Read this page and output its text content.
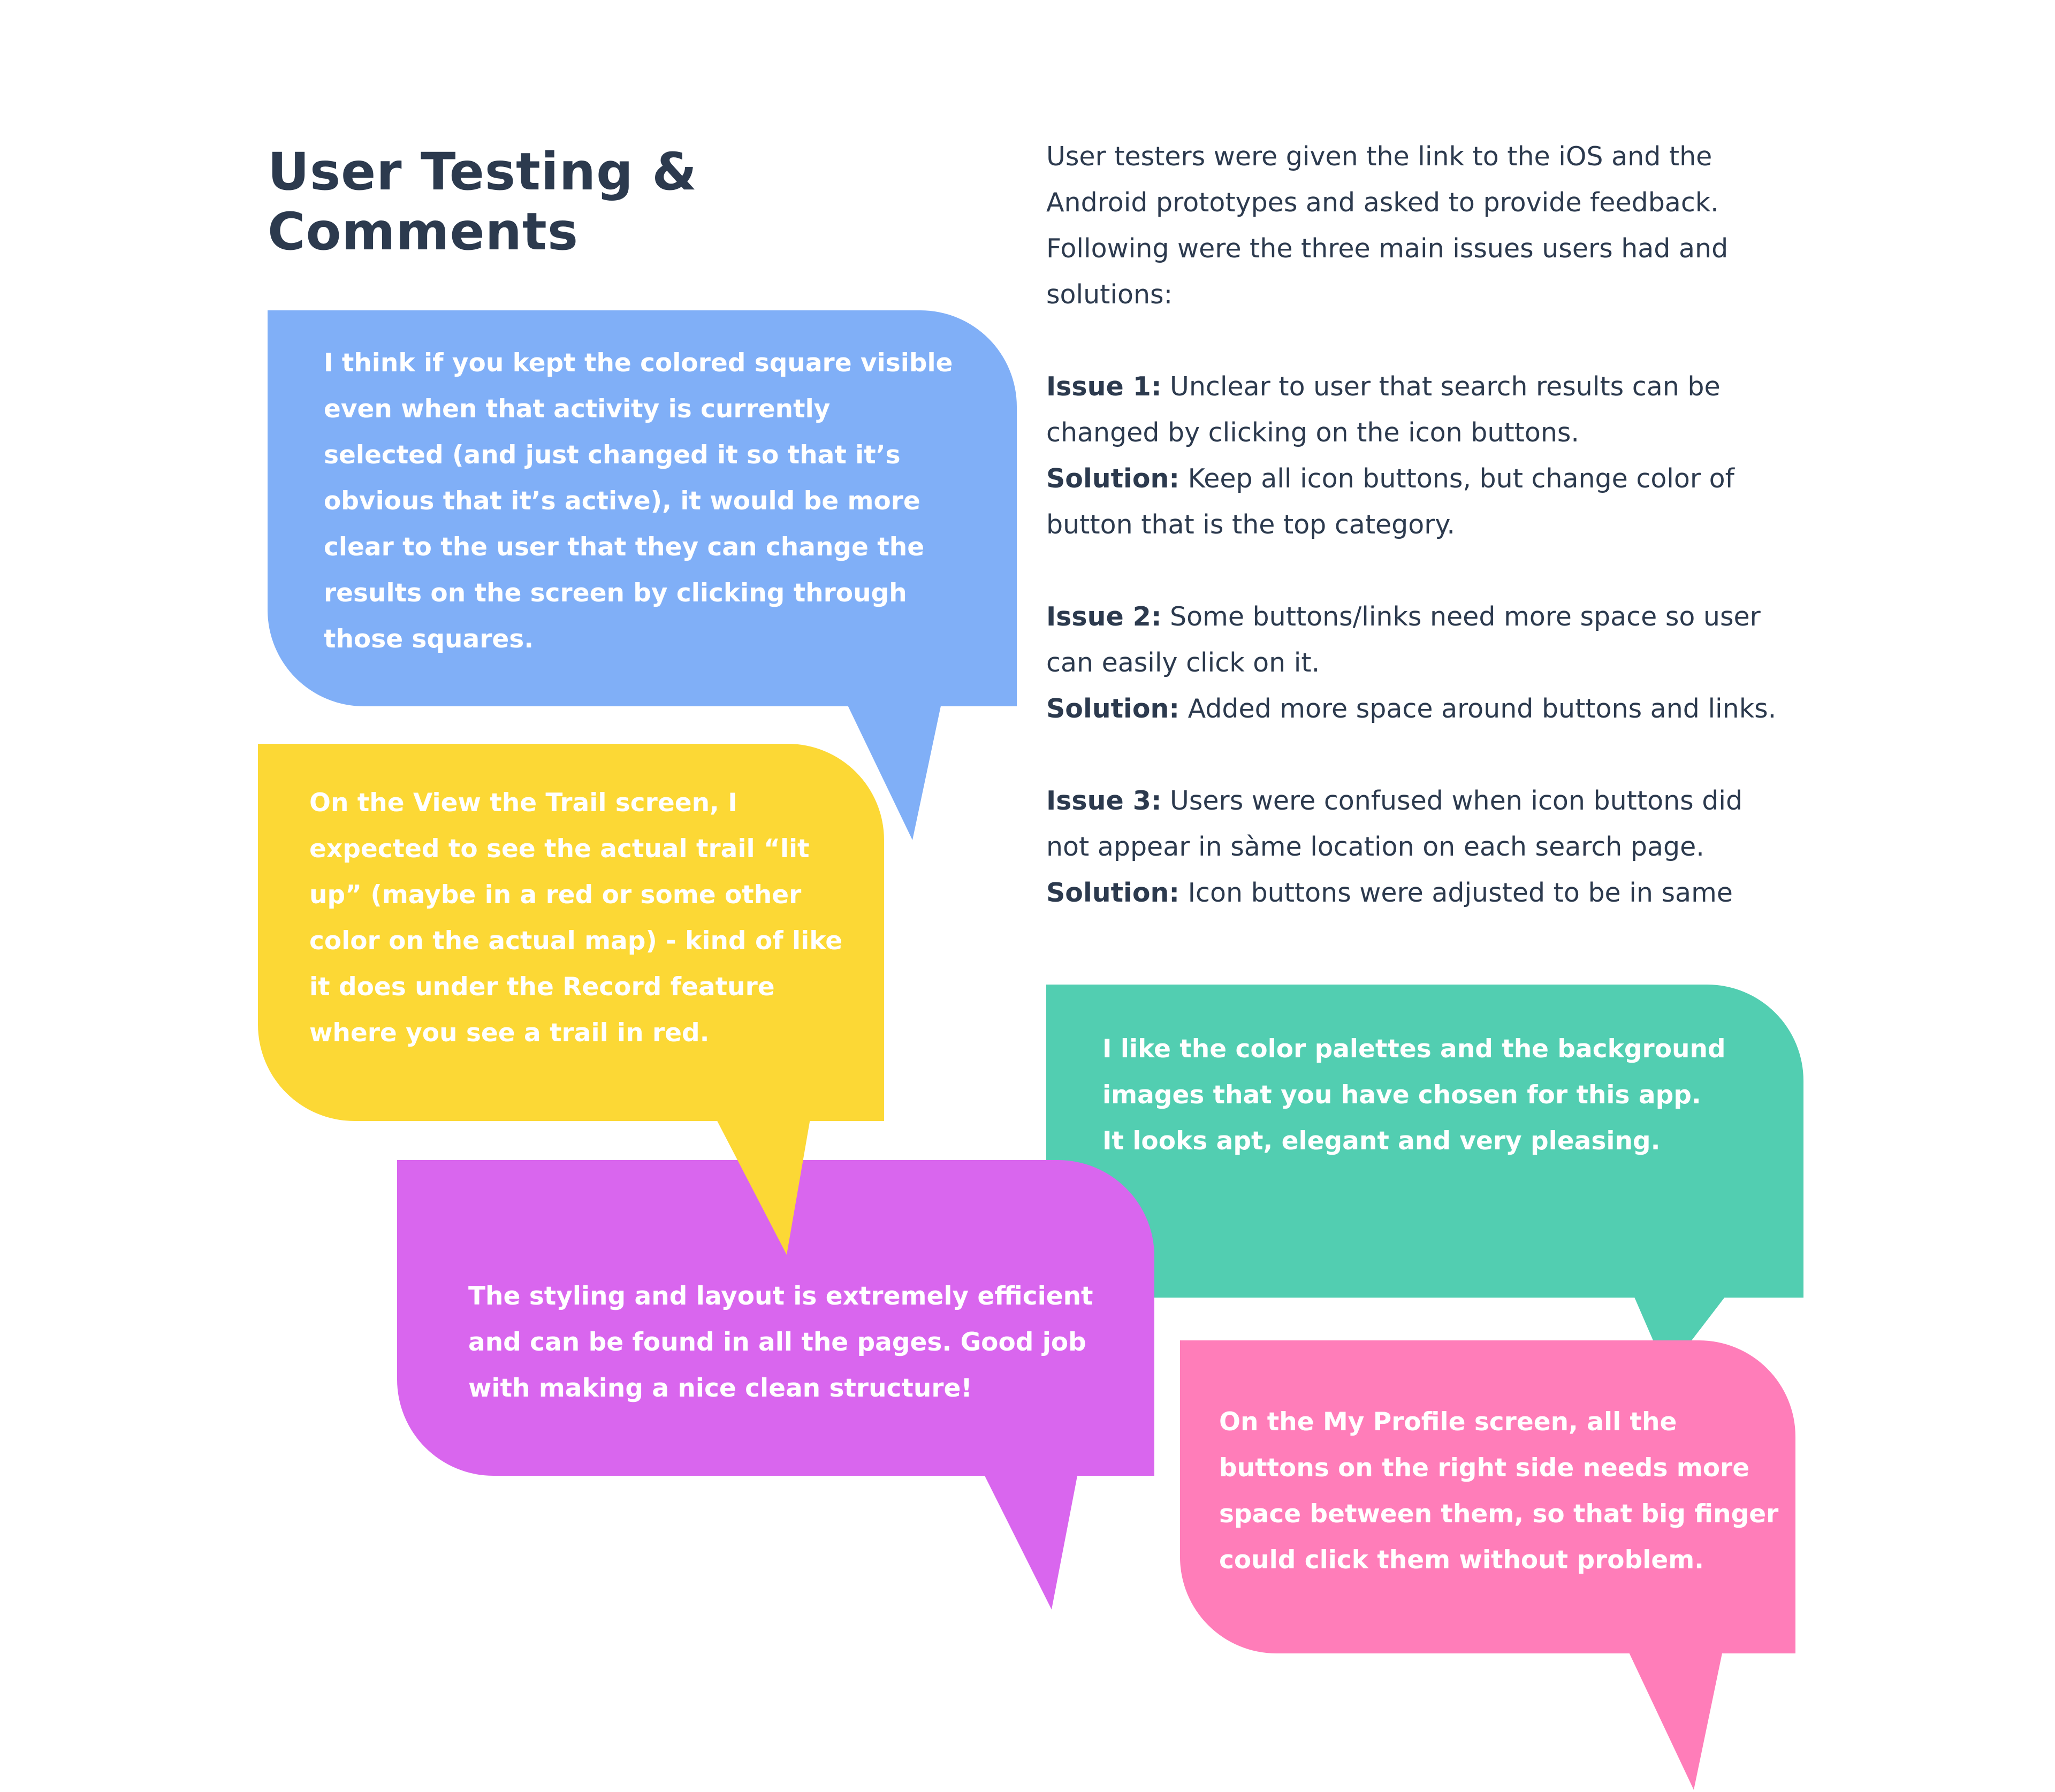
User Testing &
Comments
User testers were given the link to the iOS and the
Android prototypes and asked to provide feedback.
Following were the three main issues users had and
solutions:
Issue 1: Unclear to user that search results can be
changed by clicking on the icon buttons.
Solution: Keep all icon buttons, but change color of
button that is the top category.
Issue 2: Some buttons/links need more space so user
can easily click on it.
Solution: Added more space around buttons and links.
Issue 3: Users were confused when icon buttons did
not appear in sàme location on each search page.
Solution: Icon buttons were adjusted to be in same
I think if you kept the colored square visible
even when that activity is currently
selected (and just changed it so that it’s
obvious that it’s active), it would be more
clear to the user that they can change the
results on the screen by clicking through
those squares.
I like the color palettes and the background
images that you have chosen for this app.
It looks apt, elegant and very pleasing.
The styling and layout is extremely efficient
and can be found in all the pages. Good job
with making a nice clean structure!
On the View the Trail screen, I
expected to see the actual trail “lit
up” (maybe in a red or some other
color on the actual map) - kind of like
it does under the Record feature
where you see a trail in red.
On the My Profile screen, all the
buttons on the right side needs more
space between them, so that big finger
could click them without problem.
